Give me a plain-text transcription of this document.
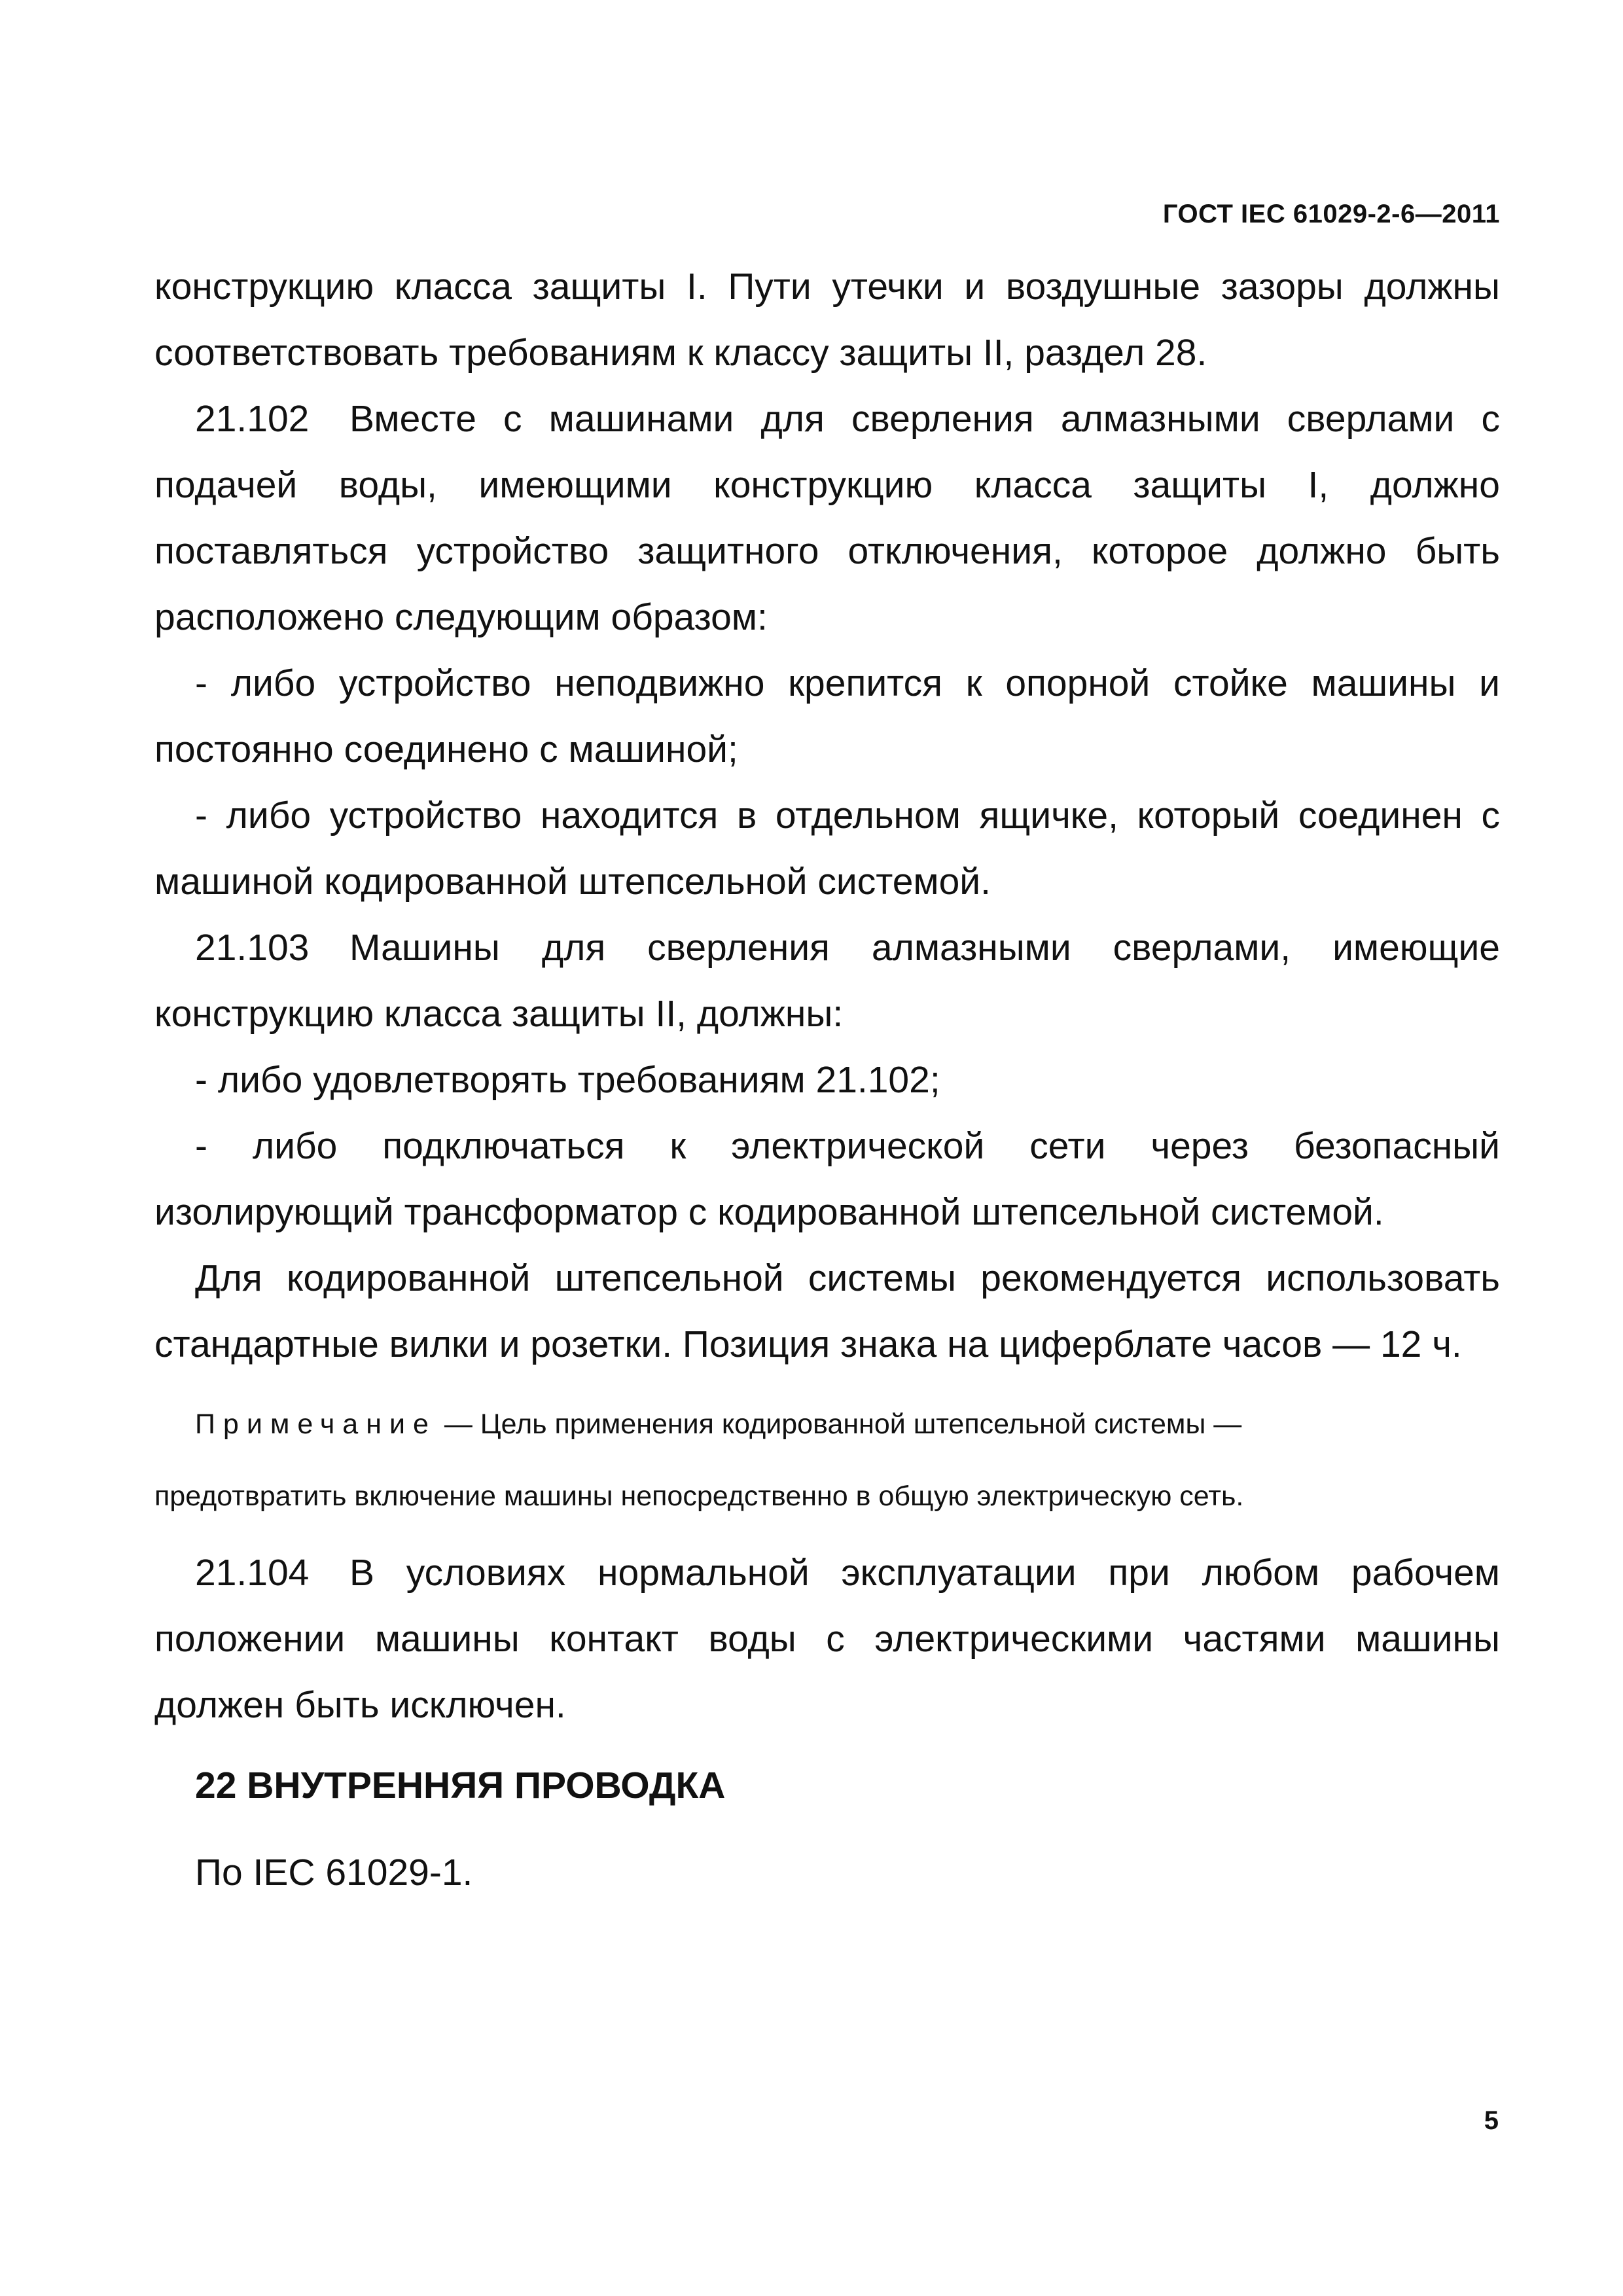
ГОСТ IEC 61029-2-6—2011

конструкцию класса защиты I. Пути утечки и воздушные зазоры должны соответствовать требованиям к классу защиты II, раздел 28.

21.102 Вместе с машинами для сверления алмазными сверлами с подачей воды, имеющими конструкцию класса защиты I, должно поставляться устройство защитного отключения, которое должно быть расположено следующим образом:

- либо устройство неподвижно крепится к опорной стойке машины и постоянно соединено с машиной;

- либо устройство находится в отдельном ящичке, который соединен с машиной кодированной штепсельной системой.

21.103 Машины для сверления алмазными сверлами, имеющие конструкцию класса защиты II, должны:

- либо удовлетворять требованиям 21.102;

- либо подключаться к электрической сети через безопасный изолирующий трансформатор с кодированной штепсельной системой.

Для кодированной штепсельной системы рекомендуется использовать стандартные вилки и розетки. Позиция знака на циферблате часов — 12 ч.

Примечание — Цель применения кодированной штепсельной системы —

предотвратить включение машины непосредственно в общую электрическую сеть.

21.104 В условиях нормальной эксплуатации при любом рабочем положении машины контакт воды с электрическими частями машины должен быть исключен.

22 ВНУТРЕННЯЯ ПРОВОДКА

По IEC 61029-1.

5
